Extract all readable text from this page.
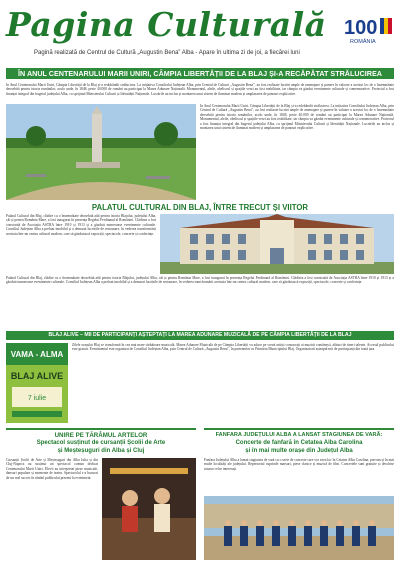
Pagina Culturală 100
ROMÂNIA
Pagină realizată de Centrul de Cultură „Augustin Bena” Alba - Apare în ultima zi de joi, a fiecărei luni
ÎN ANUL CENTENARULUI MARII UNIRI, CÂMPIA LIBERTĂȚII DE LA BLAJ ȘI-A RECĂPĂTAT STRĂLUCIREA
În Anul Centenarului Marii Uniri, Câmpia Libertății de la Blaj și-a redobândit strălucirea. La inițiativa Consiliului Județean Alba, prin Centrul de Cultură „Augustin Bena”, au fost realizate lucrări ample de amenajare și punere în valoare a acestui loc de o însemnătate deosebită pentru istoria românilor, acolo unde, în 1848, peste 40.000 de români au participat la Marea Adunare Națională. Monumentul, aleile, obeliscul și spațiile verzi au fost reabilitate, iar câmpia va găzdui evenimente culturale și comemorative. Proiectul a fost finanțat integral din bugetul județului Alba, cu sprijinul Ministerului Culturii și Identității Naționale. Lucrările au inclus și montarea unui sistem de iluminat modern și amplasarea de panouri explicative.
În Anul Centenarului Marii Uniri, Câmpia Libertății de la Blaj și-a redobândit strălucirea. La inițiativa Consiliului Județean Alba, prin Centrul de Cultură „Augustin Bena”, au fost realizate lucrări ample de amenajare și punere în valoare a acestui loc de o însemnătate deosebită pentru istoria românilor, acolo unde, în 1848, peste 40.000 de români au participat la Marea Adunare Națională. Monumentul, aleile, obeliscul și spațiile verzi au fost reabilitate, iar câmpia va găzdui evenimente culturale și comemorative. Proiectul a fost finanțat integral din bugetul județului Alba, cu sprijinul Ministerului Culturii și Identității Naționale. Lucrările au inclus și montarea unui sistem de iluminat modern și amplasarea de panouri explicative.
PALATUL CULTURAL DIN BLAJ, ÎNTRE TRECUT ȘI VIITOR
Palatul Cultural din Blaj, clădire cu o însemnătate deosebită atât pentru istoria Blajului, județului Alba, cât și pentru România Mare, a fost inaugurat în prezența Regelui Ferdinand al României. Clădirea a fost construită de Asociația ASTRA între 1910 și 1913 și a găzduit numeroase evenimente culturale. Consiliul Județean Alba a preluat imobilul și a demarat lucrările de restaurare, în vederea transformării acestuia într-un centru cultural modern, care să găzduiască expoziții, spectacole, concerte și conferințe.
Palatul Cultural din Blaj, clădire cu o însemnătate deosebită atât pentru istoria Blajului, județului Alba, cât și pentru România Mare, a fost inaugurat în prezența Regelui Ferdinand al României. Clădirea a fost construită de Asociația ASTRA între 1910 și 1913 și a găzduit numeroase evenimente culturale. Consiliul Județean Alba a preluat imobilul și a demarat lucrările de restaurare, în vederea transformării acestuia într-un centru cultural modern, care să găzduiască expoziții, spectacole, concerte și conferințe.
BLAJ ALIVE – MII DE PARTICIPANȚI AȘTEPTAȚI LA MAREA ADUNARE MUZICALĂ DE PE CÂMPIA LIBERTĂȚII DE LA BLAJ
VAMA - ALMA
BLAJ ALIVE
7 iulie
Zilele orașului Blaj se transformă în cea mai mare sărbătoare muzicală. Marea Adunare Muzicală de pe Câmpia Libertății va aduce pe scenă artiști consacrați ai muzicii românești, alături de tineri talente. Accesul publicului este gratuit. Evenimentul este organizat de Consiliul Județean Alba, prin Centrul de Cultură „Augustin Bena”, în parteneriat cu Primăria Municipiului Blaj. Organizatorii așteaptă mii de participanți din toată țara.
UNIRE PE TĂRÂMUL ARTELOR
Spectacol susținut de cursanții Școlii de Arte
și Meșteșuguri din Alba și Cluj
Cursanții Școlii de Arte și Meșteșuguri din Alba Iulia și din Cluj-Napoca au susținut un spectacol comun dedicat Centenarului Marii Uniri. Elevii au interpretat piese muzicale, dansuri populare și momente de teatru. Spectacolul s-a bucurat de un real succes în rândul publicului prezent la eveniment.
FANFARA JUDEȚULUI ALBA A LANSAT STAGIUNEA DE VARĂ:
Concerte de fanfară în Cetatea Alba Carolina
și în mai multe orașe din Județul Alba
Fanfara Județului Alba a lansat stagiunea de vară cu o serie de concerte care vor avea loc în Cetatea Alba Carolina, precum și în mai multe localități ale județului. Repertoriul cuprinde marșuri, piese clasice și muzică de film. Concertele sunt gratuite și deschise tuturor celor interesați.
